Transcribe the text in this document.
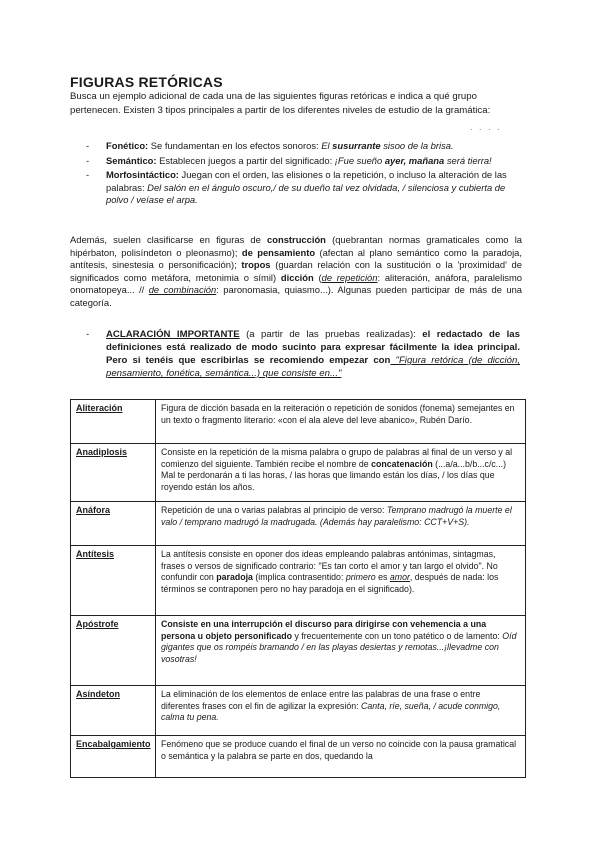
FIGURAS RETÓRICAS
Busca un ejemplo adicional de cada una de las siguientes figuras retóricas e indica a qué grupo pertenecen. Existen 3 tipos principales a partir de los diferentes niveles de estudio de la gramática:
. . . .
- Fonético: Se fundamentan en los efectos sonoros: El susurrante sisoo de la brisa.
- Semántico: Establecen juegos a partir del significado: ¡Fue sueño ayer, mañana será tierra!
- Morfosintáctico: Juegan con el orden, las elisiones o la repetición, o incluso la alteración de las palabras: Del salón en el ángulo oscuro,/ de su dueño tal vez olvidada, / silenciosa y cubierta de polvo / veíase el arpa.
Además, suelen clasificarse en figuras de construcción (quebrantan normas gramaticales como la hipérbaton, polisíndeton o pleonasmo); de pensamiento (afectan al plano semántico como la paradoja, antítesis, sinestesia o personificación); tropos (guardan relación con la sustitución o la 'proximidad' de significados como metáfora, metonimia o símil) dicción (de repetición: aliteración, anáfora, paralelismo onomatopeya... // de combinación: paronomasia, quiasmo...). Algunas pueden participar de más de una categoría.
-	ACLARACIÓN IMPORTANTE (a partir de las pruebas realizadas): el redactado de las definiciones está realizado de modo sucinto para expresar fácilmente la idea principal. Pero si tenéis que escribirlas se recomiendo empezar con "Figura retórica (de dicción, pensamiento, fonética, semántica...) que consiste en..."
Aliteración	Figura de dicción basada en la reiteración o repetición de sonidos (fonema) semejantes en un texto o fragmento literario: «con el ala aleve del leve abanico», Rubén Darío.
Anadiplosis	Consiste en la repetición de la misma palabra o grupo de palabras al final de un verso y al comienzo del siguiente. También recibe el nombre de concatenación (...a/a...b/b...c/c...) Mal te perdonarán a ti las horas, / las horas que limando están los días, / los días que royendo están los años.
Anáfora	Repetición de una o varias palabras al principio de verso: Temprano madrugó la muerte el valo / temprano madrugó la madrugada. (Además hay paralelismo: CCT+V+S).
Antítesis	La antítesis consiste en oponer dos ideas empleando palabras antónimas, sintagmas, frases o versos de significado contrario: "Es tan corto el amor y tan largo el olvido". No confundir con paradoja (implica contrasentido: primero es amor, después de nada: los términos se contraponen pero no hay paradoja en el significado).
Apóstrofe	Consiste en una interrupción el discurso para dirigirse con vehemencia a una persona u objeto personificado y frecuentemente con un tono patético o de lamento: Oíd gigantes que os rompéis bramando / en las playas desiertas y remotas...¡llevadme con vosotras!
Asíndeton	La eliminación de los elementos de enlace entre las palabras de una frase o entre diferentes frases con el fin de agilizar la expresión: Canta, ríe, sueña, / acude conmigo, calma tu pena.
Encabalgamiento	Fenómeno que se produce cuando el final de un verso no coincide con la pausa gramatical o semántica y la palabra se parte en dos, quedando la
